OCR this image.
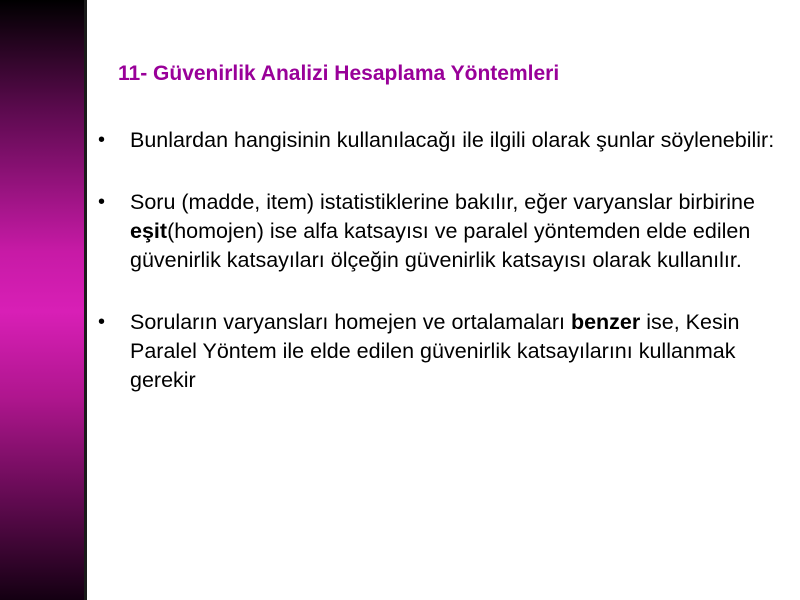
11- Güvenirlik Analizi Hesaplama Yöntemleri
• Bunlardan hangisinin kullanılacağı ile ilgili olarak şunlar söylenebilir:
• Soru (madde, item) istatistiklerine bakılır, eğer varyanslar birbirine eşit(homojen) ise alfa katsayısı ve paralel yöntemden elde edilen güvenirlik katsayıları ölçeğin güvenirlik katsayısı olarak kullanılır.
• Soruların varyansları homejen ve ortalamaları benzer ise, Kesin Paralel Yöntem ile elde edilen güvenirlik katsayılarını kullanmak gerekir
